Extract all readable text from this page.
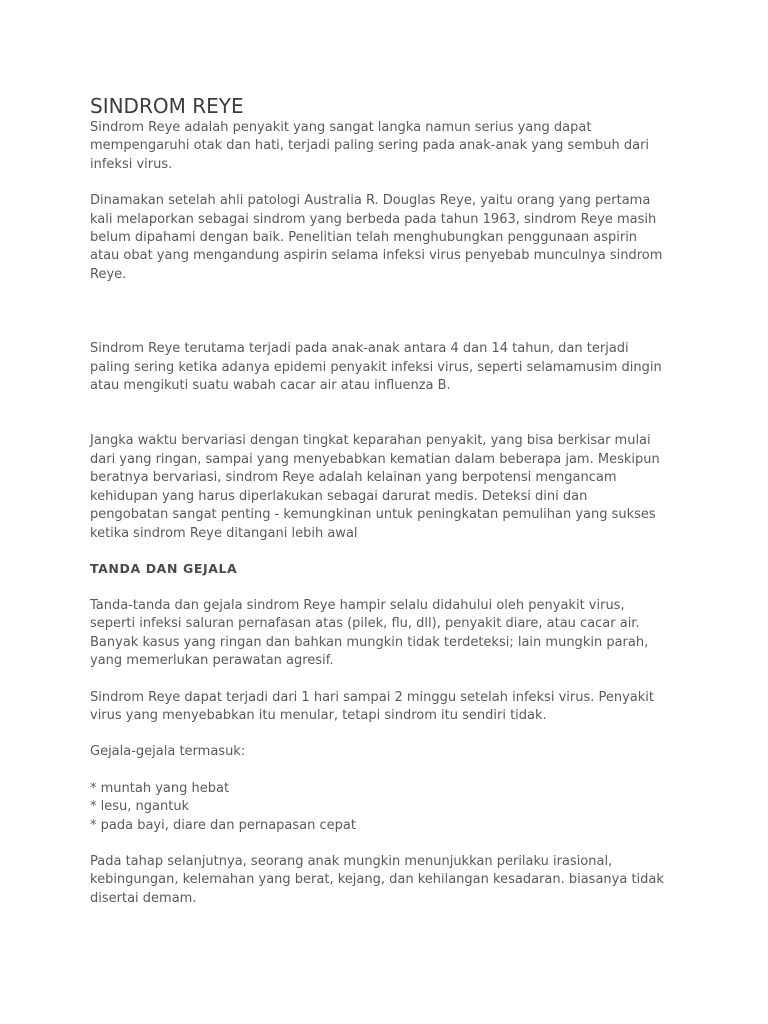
SINDROM REYE

Sindrom Reye adalah penyakit yang sangat langka namun serius yang dapat
mempengaruhi otak dan hati, terjadi paling sering pada anak-anak yang sembuh dari
infeksi virus.

Dinamakan setelah ahli patologi Australia R. Douglas Reye, yaitu orang yang pertama
kali melaporkan sebagai sindrom yang berbeda pada tahun 1963, sindrom Reye masih
belum dipahami dengan baik. Penelitian telah menghubungkan penggunaan aspirin
atau obat yang mengandung aspirin selama infeksi virus penyebab munculnya sindrom
Reye.

Sindrom Reye terutama terjadi pada anak-anak antara 4 dan 14 tahun, dan terjadi
paling sering ketika adanya epidemi penyakit infeksi virus, seperti selamamusim dingin
atau mengikuti suatu wabah cacar air atau influenza B.

Jangka waktu bervariasi dengan tingkat keparahan penyakit, yang bisa berkisar mulai
dari yang ringan, sampai yang menyebabkan kematian dalam beberapa jam. Meskipun
beratnya bervariasi, sindrom Reye adalah kelainan yang berpotensi mengancam
kehidupan yang harus diperlakukan sebagai darurat medis. Deteksi dini dan
pengobatan sangat penting - kemungkinan untuk peningkatan pemulihan yang sukses
ketika sindrom Reye ditangani lebih awal

TANDA DAN GEJALA

Tanda-tanda dan gejala sindrom Reye hampir selalu didahului oleh penyakit virus,
seperti infeksi saluran pernafasan atas (pilek, flu, dll), penyakit diare, atau cacar air.
Banyak kasus yang ringan dan bahkan mungkin tidak terdeteksi; lain mungkin parah,
yang memerlukan perawatan agresif.

Sindrom Reye dapat terjadi dari 1 hari sampai 2 minggu setelah infeksi virus. Penyakit
virus yang menyebabkan itu menular, tetapi sindrom itu sendiri tidak.

Gejala-gejala termasuk:

* muntah yang hebat
* lesu, ngantuk
* pada bayi, diare dan pernapasan cepat

Pada tahap selanjutnya, seorang anak mungkin menunjukkan perilaku irasional,
kebingungan, kelemahan yang berat, kejang, dan kehilangan kesadaran. biasanya tidak
disertai demam.
